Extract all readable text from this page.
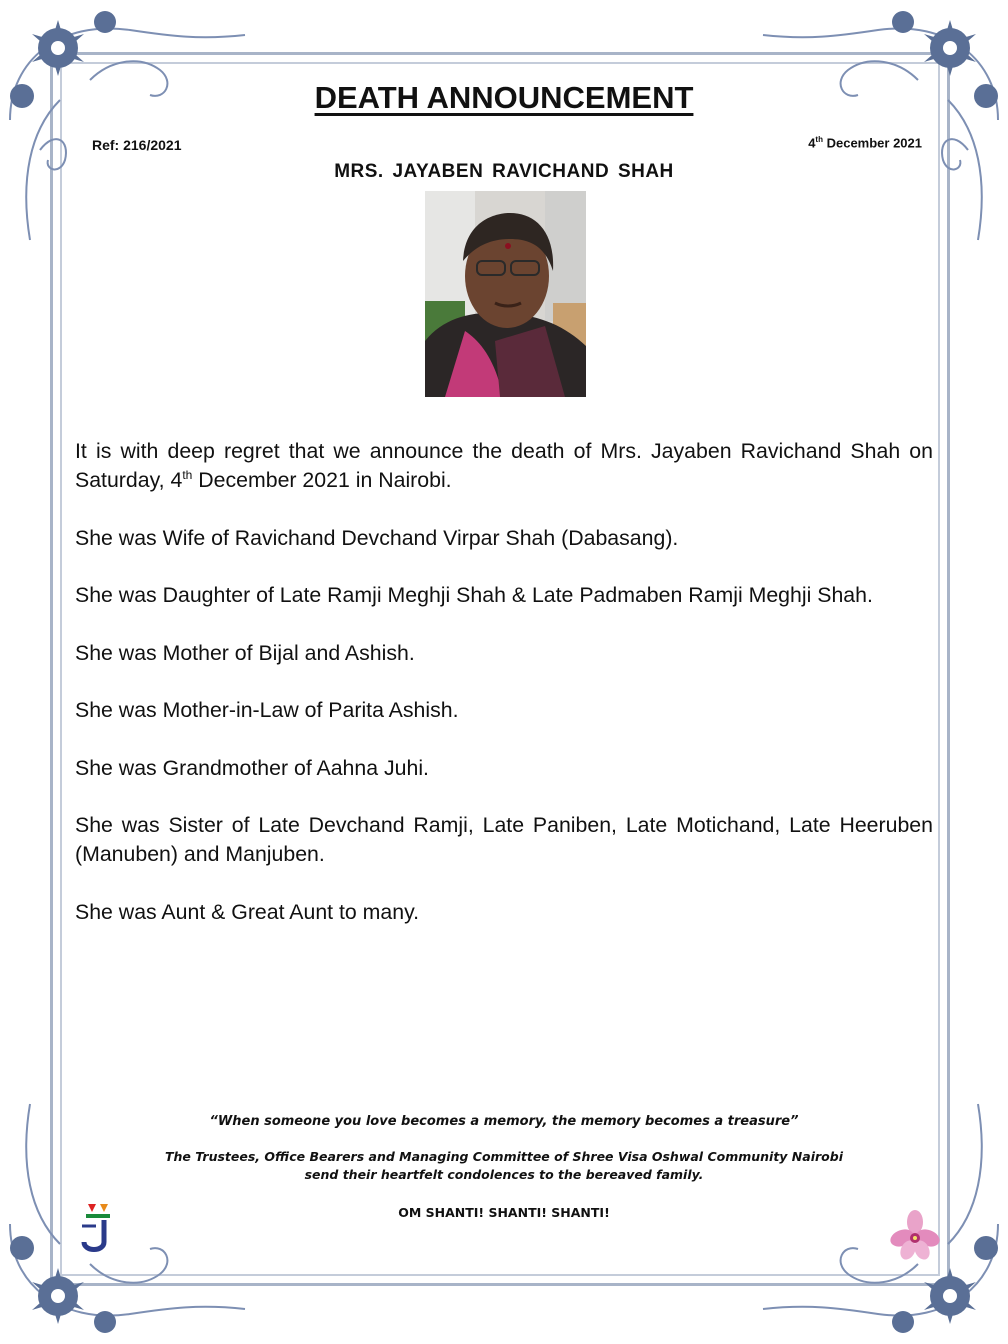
DEATH ANNOUNCEMENT
Ref: 216/2021	4th December 2021
MRS. JAYABEN RAVICHAND SHAH

It is with deep regret that we announce the death of Mrs. Jayaben Ravichand Shah on Saturday, 4th December 2021 in Nairobi.

She was Wife of Ravichand Devchand Virpar Shah (Dabasang).

She was Daughter of Late Ramji Meghji Shah & Late Padmaben Ramji Meghji Shah.

She was Mother of Bijal and Ashish.

She was Mother-in-Law of Parita Ashish.

She was Grandmother of Aahna Juhi.

She was Sister of Late Devchand Ramji, Late Paniben, Late Motichand, Late Heeruben (Manuben) and Manjuben.

She was Aunt & Great Aunt to many.

“When someone you love becomes a memory, the memory becomes a treasure”
The Trustees, Office Bearers and Managing Committee of Shree Visa Oshwal Community Nairobi
send their heartfelt condolences to the bereaved family.
OM SHANTI! SHANTI! SHANTI!
